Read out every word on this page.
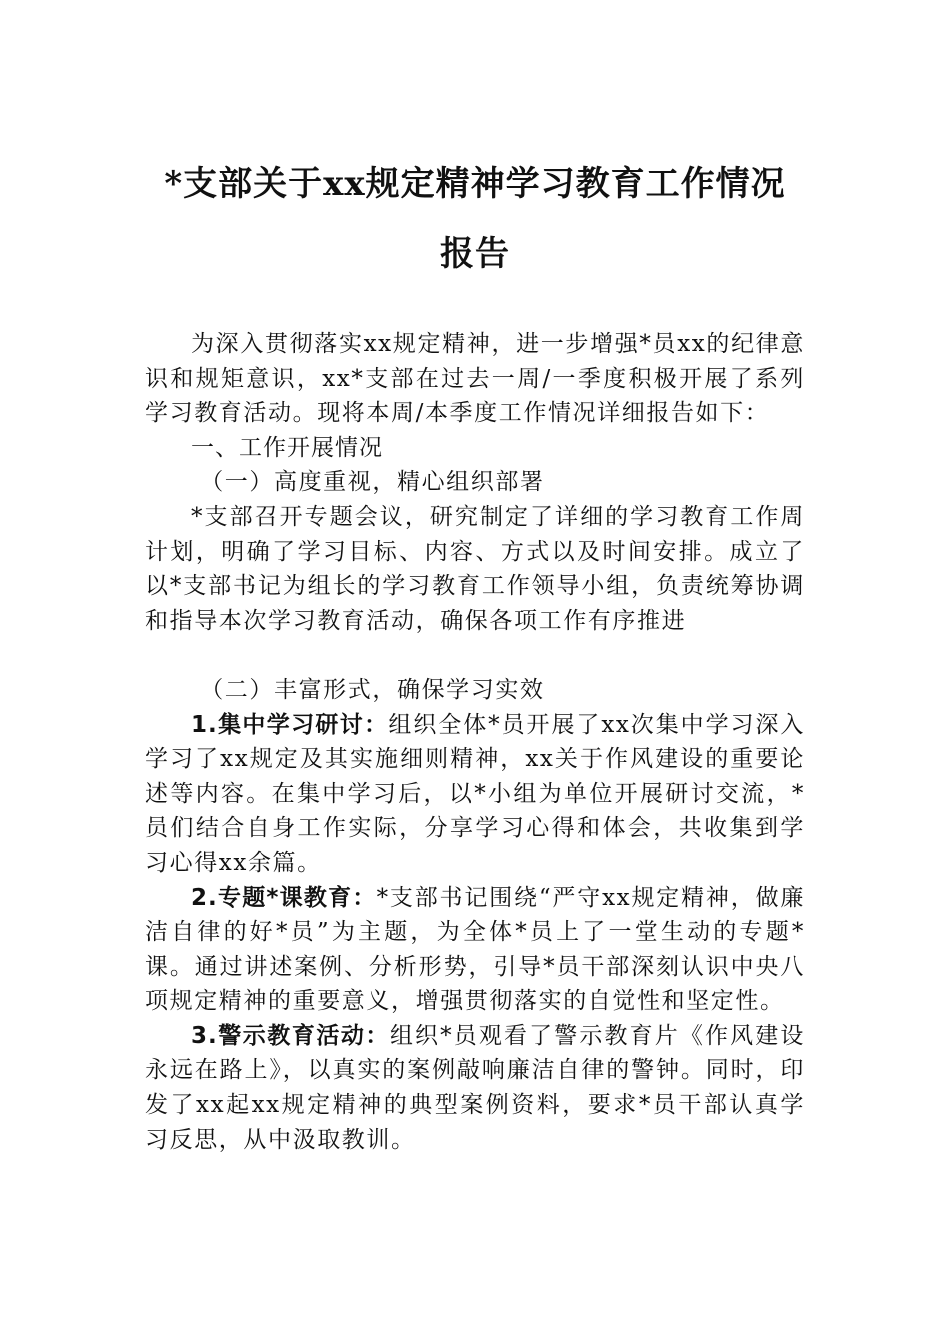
*支部关于xx规定精神学习教育工作情况
报告

为深入贯彻落实xx规定精神，进一步增强*员xx的纪律意识和规矩意识，xx*支部在过去一周/一季度积极开展了系列学习教育活动。现将本周/本季度工作情况详细报告如下：

一、工作开展情况

（一）高度重视，精心组织部署

*支部召开专题会议，研究制定了详细的学习教育工作周计划，明确了学习目标、内容、方式以及时间安排。成立了以*支部书记为组长的学习教育工作领导小组，负责统筹协调和指导本次学习教育活动，确保各项工作有序推进

（二）丰富形式，确保学习实效

1.集中学习研讨：组织全体*员开展了xx次集中学习深入学习了xx规定及其实施细则精神，xx关于作风建设的重要论述等内容。在集中学习后，以*小组为单位开展研讨交流，*员们结合自身工作实际，分享学习心得和体会，共收集到学习心得xx余篇。

2.专题*课教育：*支部书记围绕“严守xx规定精神，做廉洁自律的好*员”为主题，为全体*员上了一堂生动的专题*课。通过讲述案例、分析形势，引导*员干部深刻认识中央八项规定精神的重要意义，增强贯彻落实的自觉性和坚定性。

3.警示教育活动：组织*员观看了警示教育片《作风建设永远在路上》，以真实的案例敲响廉洁自律的警钟。同时，印发了xx起xx规定精神的典型案例资料，要求*员干部认真学习反思，从中汲取教训。
